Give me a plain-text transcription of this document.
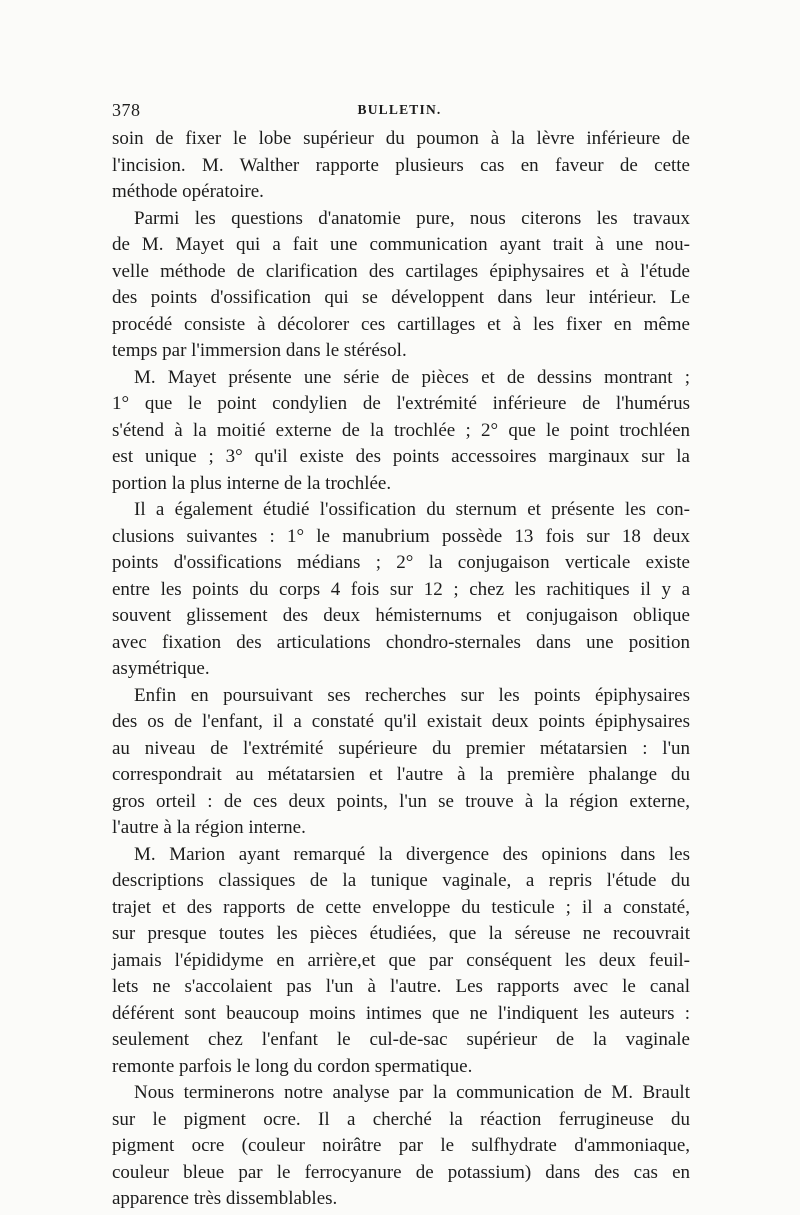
378	BULLETIN.

soin de fixer le lobe supérieur du poumon à la lèvre inférieure de
l'incision. M. Walther rapporte plusieurs cas en faveur de cette
méthode opératoire.

Parmi les questions d'anatomie pure, nous citerons les travaux
de M. Mayet qui a fait une communication ayant trait à une nou-
velle méthode de clarification des cartilages épiphysaires et à l'étude
des points d'ossification qui se développent dans leur intérieur. Le
procédé consiste à décolorer ces cartillages et à les fixer en même
temps par l'immersion dans le stérésol.

M. Mayet présente une série de pièces et de dessins montrant ;
1° que le point condylien de l'extrémité inférieure de l'humérus
s'étend à la moitié externe de la trochlée ; 2° que le point trochléen
est unique ; 3° qu'il existe des points accessoires marginaux sur la
portion la plus interne de la trochlée.

Il a également étudié l'ossification du sternum et présente les con-
clusions suivantes : 1° le manubrium possède 13 fois sur 18 deux
points d'ossifications médians ; 2° la conjugaison verticale existe
entre les points du corps 4 fois sur 12 ; chez les rachitiques il y a
souvent glissement des deux hémisternums et conjugaison oblique
avec fixation des articulations chondro-sternales dans une position
asymétrique.

Enfin en poursuivant ses recherches sur les points épiphysaires
des os de l'enfant, il a constaté qu'il existait deux points épiphysaires
au niveau de l'extrémité supérieure du premier métatarsien : l'un
correspondrait au métatarsien et l'autre à la première phalange du
gros orteil : de ces deux points, l'un se trouve à la région externe,
l'autre à la région interne.

M. Marion ayant remarqué la divergence des opinions dans les
descriptions classiques de la tunique vaginale, a repris l'étude du
trajet et des rapports de cette enveloppe du testicule ; il a constaté,
sur presque toutes les pièces étudiées, que la séreuse ne recouvrait
jamais l'épididyme en arrière,et que par conséquent les deux feuil-
lets ne s'accolaient pas l'un à l'autre. Les rapports avec le canal
déférent sont beaucoup moins intimes que ne l'indiquent les auteurs :
seulement chez l'enfant le cul-de-sac supérieur de la vaginale
remonte parfois le long du cordon spermatique.

Nous terminerons notre analyse par la communication de M. Brault
sur le pigment ocre. Il a cherché la réaction ferrugineuse du
pigment ocre (couleur noirâtre par le sulfhydrate d'ammoniaque,
couleur bleue par le ferrocyanure de potassium) dans des cas en
apparence très dissemblables.
